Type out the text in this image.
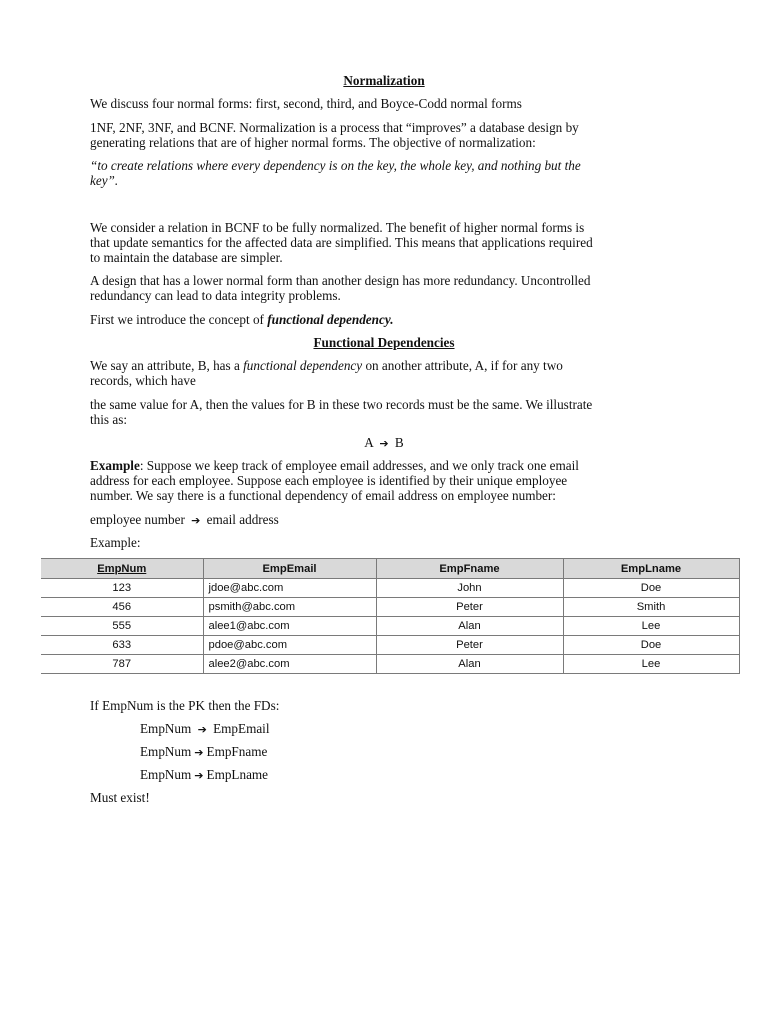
Normalization

We discuss four normal forms: first, second, third, and Boyce-Codd normal forms

1NF, 2NF, 3NF, and BCNF. Normalization is a process that “improves” a database design by
generating relations that are of higher normal forms. The objective of normalization:

“to create relations where every dependency is on the key, the whole key, and nothing but the
key”.

We consider a relation in BCNF to be fully normalized. The benefit of higher normal forms is
that update semantics for the affected data are simplified. This means that applications required
to maintain the database are simpler.

A design that has a lower normal form than another design has more redundancy. Uncontrolled
redundancy can lead to data integrity problems.

First we introduce the concept of functional dependency.

Functional Dependencies

We say an attribute, B, has a functional dependency on another attribute, A, if for any two
records, which have

the same value for A, then the values for B in these two records must be the same. We illustrate
this as:

A ➔ B

Example: Suppose we keep track of employee email addresses, and we only track one email
address for each employee. Suppose each employee is identified by their unique employee
number. We say there is a functional dependency of email address on employee number:

employee number ➔ email address

Example:

EmpNum	EmpEmail	EmpFname	EmpLname
123	jdoe@abc.com	John	Doe
456	psmith@abc.com	Peter	Smith
555	alee1@abc.com	Alan	Lee
633	pdoe@abc.com	Peter	Doe
787	alee2@abc.com	Alan	Lee

If EmpNum is the PK then the FDs:

EmpNum ➔ EmpEmail
EmpNum ➔ EmpFname
EmpNum ➔ EmpLname

Must exist!
